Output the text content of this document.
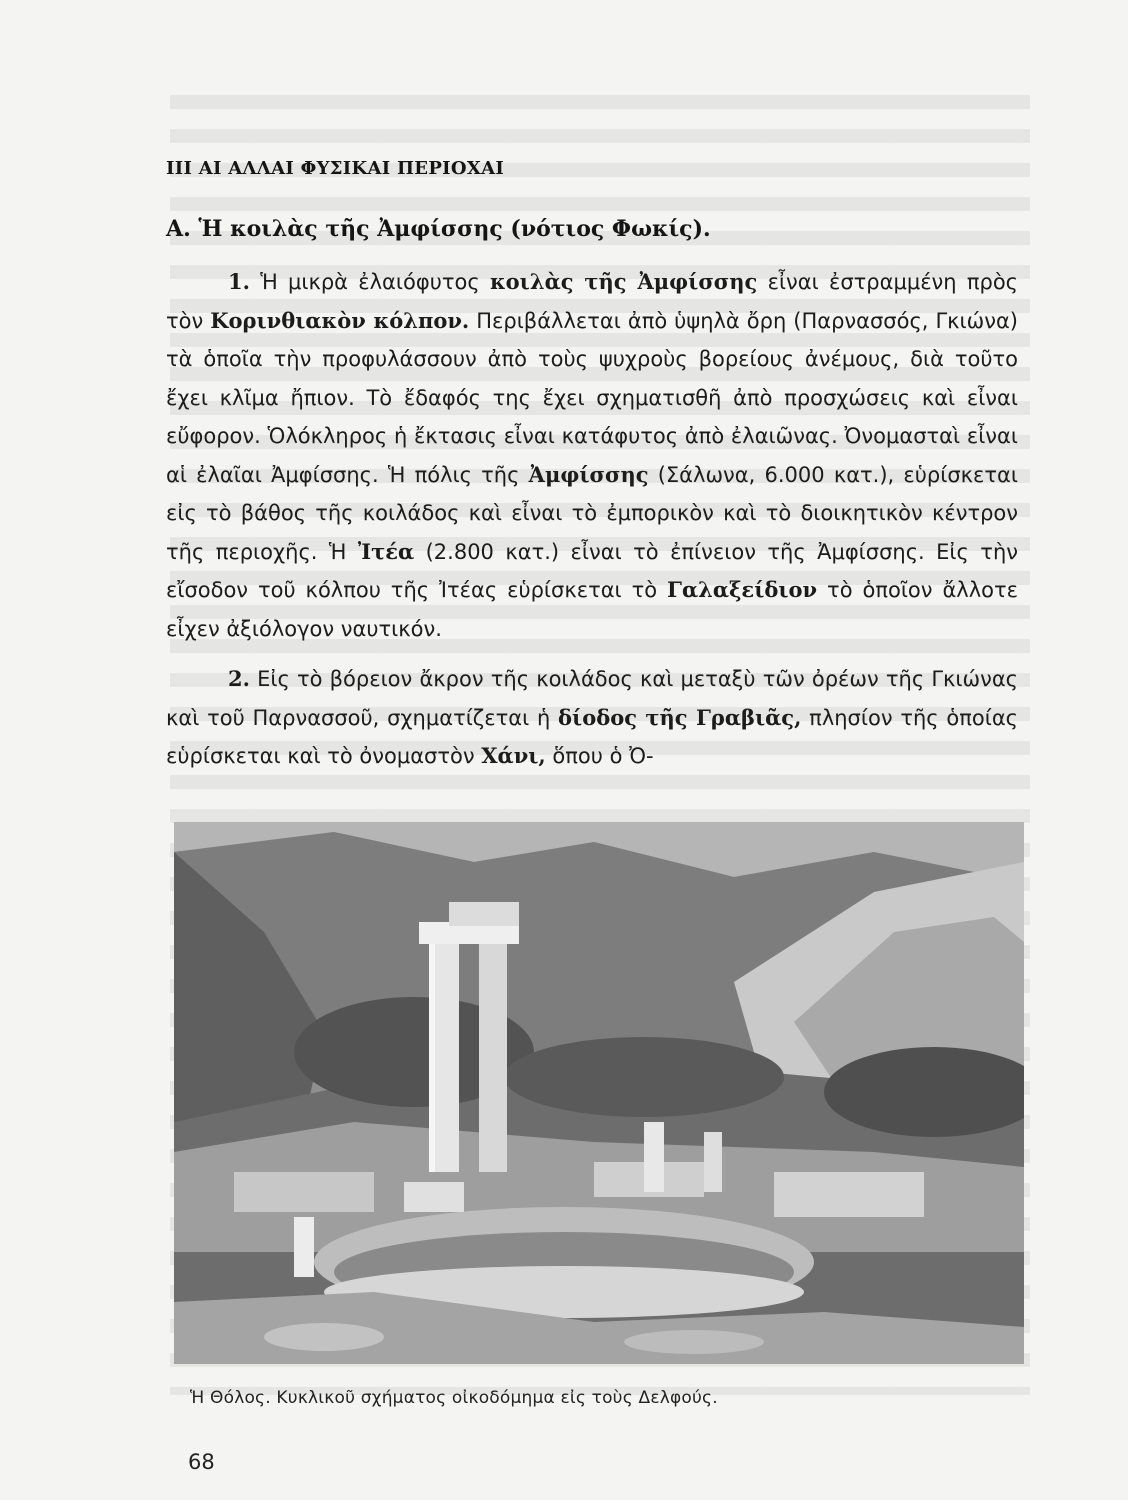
III ΑΙ ΑΛΛΑΙ ΦΥΣΙΚΑΙ ΠΕΡΙΟΧΑΙ
Α. Ἡ κοιλὰς τῆς Ἀμφίσσης (νότιος Φωκίς).

1. Ἡ μικρὰ ἐλαιόφυτος κοιλὰς τῆς Ἀμφίσσης εἶναι ἐστραμμένη πρὸς τὸν Κορινθιακὸν κόλπον. Περιβάλλεται ἀπὸ ὑψηλὰ ὄρη (Παρνασσός, Γκιώνα) τὰ ὁποῖα τὴν προφυλάσσουν ἀπὸ τοὺς ψυχροὺς βορείους ἀνέμους, διὰ τοῦτο ἔχει κλῖμα ἤπιον. Τὸ ἔδαφός της ἔχει σχηματισθῆ ἀπὸ προσχώσεις καὶ εἶναι εὔφορον. Ὁλόκληρος ἡ ἔκτασις εἶναι κατάφυτος ἀπὸ ἐλαιῶνας. Ὀνομασταὶ εἶναι αἱ ἐλαῖαι Ἀμφίσσης. Ἡ πόλις τῆς Ἀμφίσσης (Σάλωνα, 6.000 κατ.), εὑρίσκεται εἰς τὸ βάθος τῆς κοιλάδος καὶ εἶναι τὸ ἐμπορικὸν καὶ τὸ διοικητικὸν κέντρον τῆς περιοχῆς. Ἡ Ἰτέα (2.800 κατ.) εἶναι τὸ ἐπίνειον τῆς Ἀμφίσσης. Εἰς τὴν εἴσοδον τοῦ κόλπου τῆς Ἰτέας εὑρίσκεται τὸ Γαλαξείδιον τὸ ὁποῖον ἄλλοτε εἶχεν ἀξιόλογον ναυτικόν.

2. Εἰς τὸ βόρειον ἄκρον τῆς κοιλάδος καὶ μεταξὺ τῶν ὀρέων τῆς Γκιώνας καὶ τοῦ Παρνασσοῦ, σχηματίζεται ἡ δίοδος τῆς Γραβιᾶς, πλησίον τῆς ὁποίας εὑρίσκεται καὶ τὸ ὀνομαστὸν Χάνι, ὅπου ὁ Ὀ-

Ἡ Θόλος. Κυκλικοῦ σχήματος οἰκοδόμημα εἰς τοὺς Δελφούς.
68
